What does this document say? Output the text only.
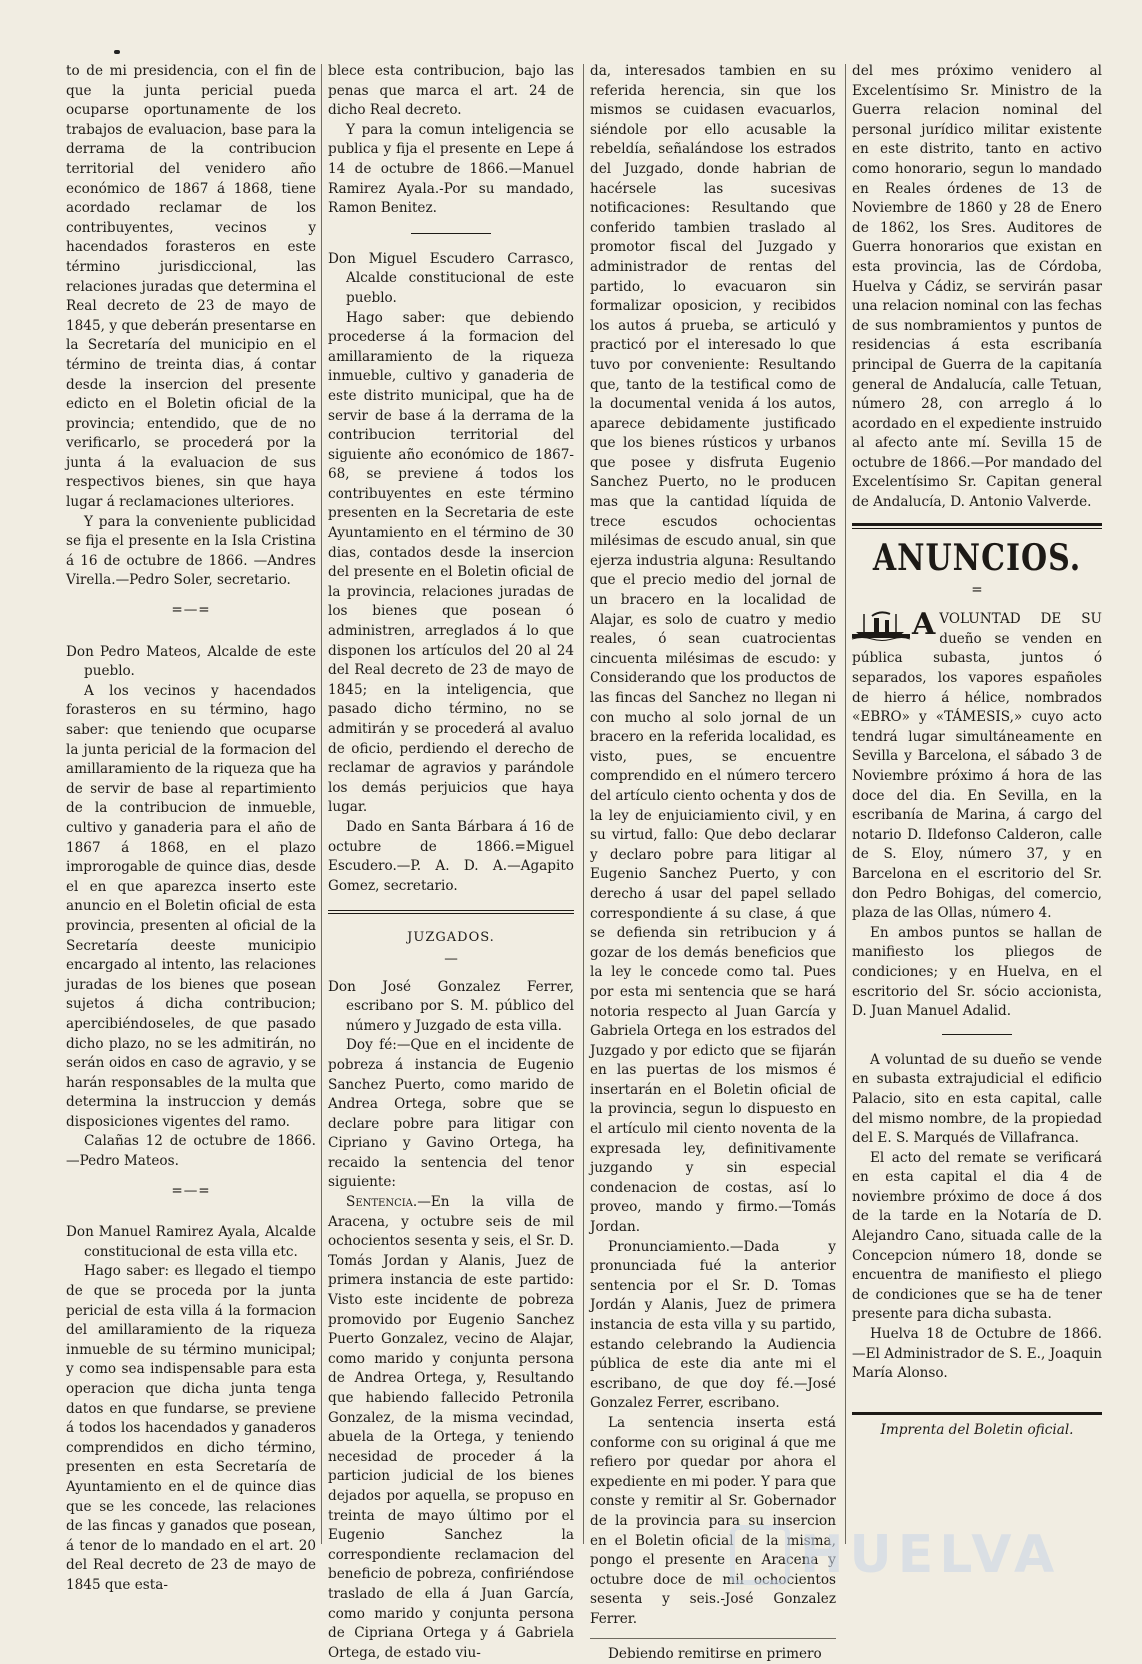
to de mi presidencia, con el fin de que la junta pericial pueda ocuparse oportunamente de los trabajos de evaluacion, base para la derrama de la contribucion territorial del venidero año económico de 1867 á 1868, tiene acordado reclamar de los contribuyentes, vecinos y hacendados forasteros en este término jurisdiccional, las relaciones juradas que determina el Real decreto de 23 de mayo de 1845, y que deberán presentarse en la Secretaría del municipio en el término de treinta dias, á contar desde la insercion del presente edicto en el Boletin oficial de la provincia; entendido, que de no verificarlo, se procederá por la junta á la evaluacion de sus respectivos bienes, sin que haya lugar á reclamaciones ulteriores.

Y para la conveniente publicidad se fija el presente en la Isla Cristina á 16 de octubre de 1866. —Andres Virella.—Pedro Soler, secretario.

=—=

Don Pedro Mateos, Alcalde de este pueblo.

A los vecinos y hacendados forasteros en su término, hago saber: que teniendo que ocuparse la junta pericial de la formacion del amillaramiento de la riqueza que ha de servir de base al repartimiento de la contribucion de inmueble, cultivo y ganaderia para el año de 1867 á 1868, en el plazo improrogable de quince dias, desde el en que aparezca inserto este anuncio en el Boletin oficial de esta provincia, presenten al oficial de la Secretaría deeste municipio encargado al intento, las relaciones juradas de los bienes que posean sujetos á dicha contribucion; apercibiéndoseles, de que pasado dicho plazo, no se les admitirán, no serán oidos en caso de agravio, y se harán responsables de la multa que determina la instruccion y demás disposiciones vigentes del ramo.

Calañas 12 de octubre de 1866. —Pedro Mateos.

=—=

Don Manuel Ramirez Ayala, Alcalde constitucional de esta villa etc.

Hago saber: es llegado el tiempo de que se proceda por la junta pericial de esta villa á la formacion del amillaramiento de la riqueza inmueble de su término municipal; y como sea indispensable para esta operacion que dicha junta tenga datos en que fundarse, se previene á todos los hacendados y ganaderos comprendidos en dicho término, presenten en esta Secretaría de Ayuntamiento en el de quince dias que se les concede, las relaciones de las fincas y ganados que posean, á tenor de lo mandado en el art. 20 del Real decreto de 23 de mayo de 1845 que esta-

blece esta contribucion, bajo las penas que marca el art. 24 de dicho Real decreto.

Y para la comun inteligencia se publica y fija el presente en Lepe á 14 de octubre de 1866.—Manuel Ramirez Ayala.-Por su mandado, Ramon Benitez.

Don Miguel Escudero Carrasco, Alcalde constitucional de este pueblo.

Hago saber: que debiendo procederse á la formacion del amillaramiento de la riqueza inmueble, cultivo y ganaderia de este distrito municipal, que ha de servir de base á la derrama de la contribucion territorial del siguiente año económico de 1867-68, se previene á todos los contribuyentes en este término presenten en la Secretaria de este Ayuntamiento en el término de 30 dias, contados desde la insercion del presente en el Boletin oficial de la provincia, relaciones juradas de los bienes que posean ó administren, arreglados á lo que disponen los artículos del 20 al 24 del Real decreto de 23 de mayo de 1845; en la inteligencia, que pasado dicho término, no se admitirán y se procederá al avaluo de oficio, perdiendo el derecho de reclamar de agravios y parándole los demás perjuicios que haya lugar.

Dado en Santa Bárbara á 16 de octubre de 1866.=Miguel Escudero.—P. A. D. A.—Agapito Gomez, secretario.

JUZGADOS.
—

Don José Gonzalez Ferrer, escribano por S. M. público del número y Juzgado de esta villa.

Doy fé:—Que en el incidente de pobreza á instancia de Eugenio Sanchez Puerto, como marido de Andrea Ortega, sobre que se declare pobre para litigar con Cipriano y Gavino Ortega, ha recaido la sentencia del tenor siguiente:

Sentencia.—En la villa de Aracena, y octubre seis de mil ochocientos sesenta y seis, el Sr. D. Tomás Jordan y Alanis, Juez de primera instancia de este partido: Visto este incidente de pobreza promovido por Eugenio Sanchez Puerto Gonzalez, vecino de Alajar, como marido y conjunta persona de Andrea Ortega, y, Resultando que habiendo fallecido Petronila Gonzalez, de la misma vecindad, abuela de la Ortega, y teniendo necesidad de proceder á la particion judicial de los bienes dejados por aquella, se propuso en treinta de mayo último por el Eugenio Sanchez la correspondiente reclamacion del beneficio de pobreza, confiriéndose traslado de ella á Juan García, como marido y conjunta persona de Cipriana Ortega y á Gabriela Ortega, de estado viu-

da, interesados tambien en su referida herencia, sin que los mismos se cuidasen evacuarlos, siéndole por ello acusable la rebeldía, señalándose los estrados del Juzgado, donde habrian de hacérsele las sucesivas notificaciones: Resultando que conferido tambien traslado al promotor fiscal del Juzgado y administrador de rentas del partido, lo evacuaron sin formalizar oposicion, y recibidos los autos á prueba, se articuló y practicó por el interesado lo que tuvo por conveniente: Resultando que, tanto de la testifical como de la documental venida á los autos, aparece debidamente justificado que los bienes rústicos y urbanos que posee y disfruta Eugenio Sanchez Puerto, no le producen mas que la cantidad líquida de trece escudos ochocientas milésimas de escudo anual, sin que ejerza industria alguna: Resultando que el precio medio del jornal de un bracero en la localidad de Alajar, es solo de cuatro y medio reales, ó sean cuatrocientas cincuenta milésimas de escudo: y Considerando que los productos de las fincas del Sanchez no llegan ni con mucho al solo jornal de un bracero en la referida localidad, es visto, pues, se encuentre comprendido en el número tercero del artículo ciento ochenta y dos de la ley de enjuiciamiento civil, y en su virtud, fallo: Que debo declarar y declaro pobre para litigar al Eugenio Sanchez Puerto, y con derecho á usar del papel sellado correspondiente á su clase, á que se defienda sin retribucion y á gozar de los demás beneficios que la ley le concede como tal. Pues por esta mi sentencia que se hará notoria respecto al Juan García y Gabriela Ortega en los estrados del Juzgado y por edicto que se fijarán en las puertas de los mismos é insertarán en el Boletin oficial de la provincia, segun lo dispuesto en el artículo mil ciento noventa de la expresada ley, definitivamente juzgando y sin especial condenacion de costas, así lo proveo, mando y firmo.—Tomás Jordan.

Pronunciamiento.—Dada y pronunciada fué la anterior sentencia por el Sr. D. Tomas Jordán y Alanis, Juez de primera instancia de esta villa y su partido, estando celebrando la Audiencia pública de este dia ante mi el escribano, de que doy fé.—José Gonzalez Ferrer, escribano.

La sentencia inserta está conforme con su original á que me refiero por quedar por ahora el expediente en mi poder. Y para que conste y remitir al Sr. Gobernador de la provincia para su insercion en el Boletin oficial de la misma, pongo el presente en Aracena y octubre doce de mil ochocientos sesenta y seis.-José Gonzalez Ferrer.

Debiendo remitirse en primero

del mes próximo venidero al Excelentísimo Sr. Ministro de la Guerra relacion nominal del personal jurídico militar existente en este distrito, tanto en activo como honorario, segun lo mandado en Reales órdenes de 13 de Noviembre de 1860 y 28 de Enero de 1862, los Sres. Auditores de Guerra honorarios que existan en esta provincia, las de Córdoba, Huelva y Cádiz, se servirán pasar una relacion nominal con las fechas de sus nombramientos y puntos de residencias á esta escribanía principal de Guerra de la capitanía general de Andalucía, calle Tetuan, número 28, con arreglo á lo acordado en el expediente instruido al afecto ante mí. Sevilla 15 de octubre de 1866.—Por mandado del Excelentísimo Sr. Capitan general de Andalucía, D. Antonio Valverde.

ANUNCIOS.
=
A VOLUNTAD DE SU dueño se venden en pública subasta, juntos ó separados, los vapores españoles de hierro á hélice, nombrados «EBRO» y «TÁMESIS,» cuyo acto tendrá lugar simultáneamente en Sevilla y Barcelona, el sábado 3 de Noviembre próximo á hora de las doce del dia. En Sevilla, en la escribanía de Marina, á cargo del notario D. Ildefonso Calderon, calle de S. Eloy, número 37, y en Barcelona en el escritorio del Sr. don Pedro Bohigas, del comercio, plaza de las Ollas, número 4.

En ambos puntos se hallan de manifiesto los pliegos de condiciones; y en Huelva, en el escritorio del Sr. sócio accionista, D. Juan Manuel Adalid.

A voluntad de su dueño se vende en subasta extrajudicial el edificio Palacio, sito en esta capital, calle del mismo nombre, de la propiedad del E. S. Marqués de Villafranca.

El acto del remate se verificará en esta capital el dia 4 de noviembre próximo de doce á dos de la tarde en la Notaría de D. Alejandro Cano, situada calle de la Concepcion número 18, donde se encuentra de manifiesto el pliego de condiciones que se ha de tener presente para dicha subasta.

Huelva 18 de Octubre de 1866. —El Administrador de S. E., Joaquin María Alonso.

Imprenta del Boletin oficial.
HUELVA
